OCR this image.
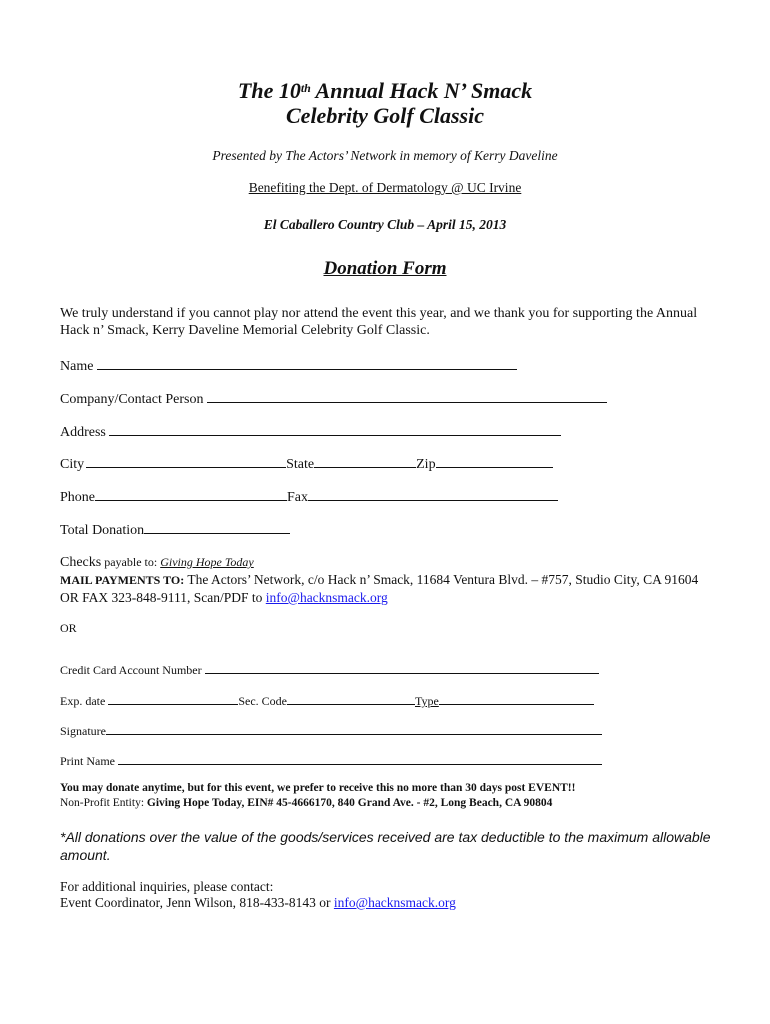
The 10th Annual Hack N’ Smack
Celebrity Golf Classic
Presented by The Actors’ Network in memory of Kerry Daveline
Benefiting the Dept. of Dermatology @ UC Irvine
El Caballero Country Club – April 15, 2013
Donation Form
We truly understand if you cannot play nor attend the event this year, and we thank you for supporting the Annual Hack n’ Smack, Kerry Daveline Memorial Celebrity Golf Classic.
Name
Company/Contact Person
Address
City	State	Zip
Phone	Fax
Total Donation
Checks payable to: Giving Hope Today
MAIL PAYMENTS TO: The Actors’ Network, c/o Hack n’ Smack, 11684 Ventura Blvd. – #757, Studio City, CA 91604 OR FAX 323-848-9111, Scan/PDF to info@hacknsmack.org
OR
Credit Card Account Number
Exp. date	Sec. Code	Type
Signature
Print Name
You may donate anytime, but for this event, we prefer to receive this no more than 30 days post EVENT!!
Non-Profit Entity: Giving Hope Today, EIN# 45-4666170, 840 Grand Ave. - #2, Long Beach, CA 90804
*All donations over the value of the goods/services received are tax deductible to the maximum allowable amount.
For additional inquiries, please contact:
Event Coordinator, Jenn Wilson, 818-433-8143 or info@hacknsmack.org
